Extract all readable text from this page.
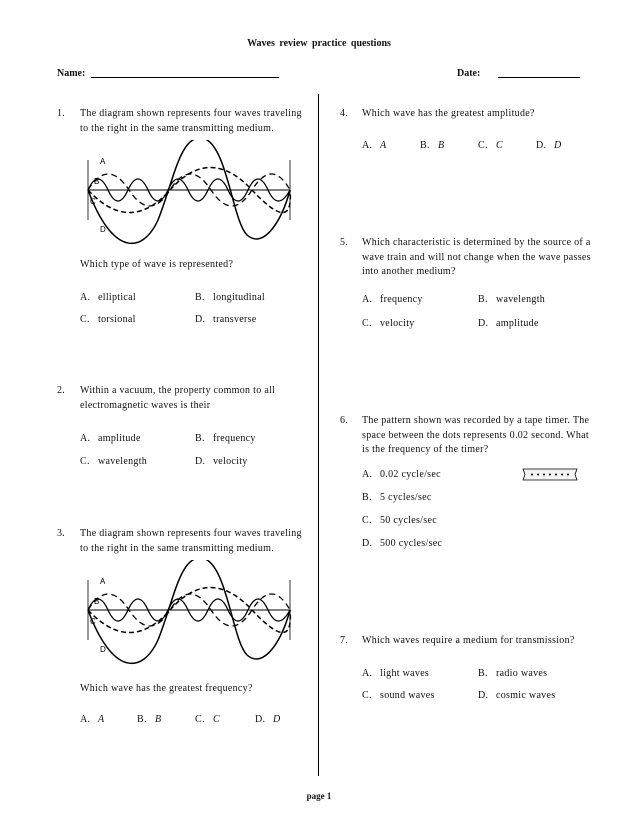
Waves review practice questions
Name:	Date:
1.	The diagram shown represents four waves traveling to the right in the same transmitting medium.
A
B
C
D
Which type of wave is represented?
A. elliptical	B. longitudinal
C. torsional	D. transverse
2.	Within a vacuum, the property common to all electromagnetic waves is their
A. amplitude	B. frequency
C. wavelength	D. velocity
3.	The diagram shown represents four waves traveling to the right in the same transmitting medium.
A
B
C
D
Which wave has the greatest frequency?
A. A	B. B	C. C	D. D
4.	Which wave has the greatest amplitude?
A. A	B. B	C. C	D. D
5.	Which characteristic is determined by the source of a wave train and will not change when the wave passes into another medium?
A. frequency	B. wavelength
C. velocity	D. amplitude
6.	The pattern shown was recorded by a tape timer. The space between the dots represents 0.02 second. What is the frequency of the timer?
A. 0.02 cycle/sec
B. 5 cycles/sec
C. 50 cycles/sec
D. 500 cycles/sec
7.	Which waves require a medium for transmission?
A. light waves	B. radio waves
C. sound waves	D. cosmic waves
page 1
